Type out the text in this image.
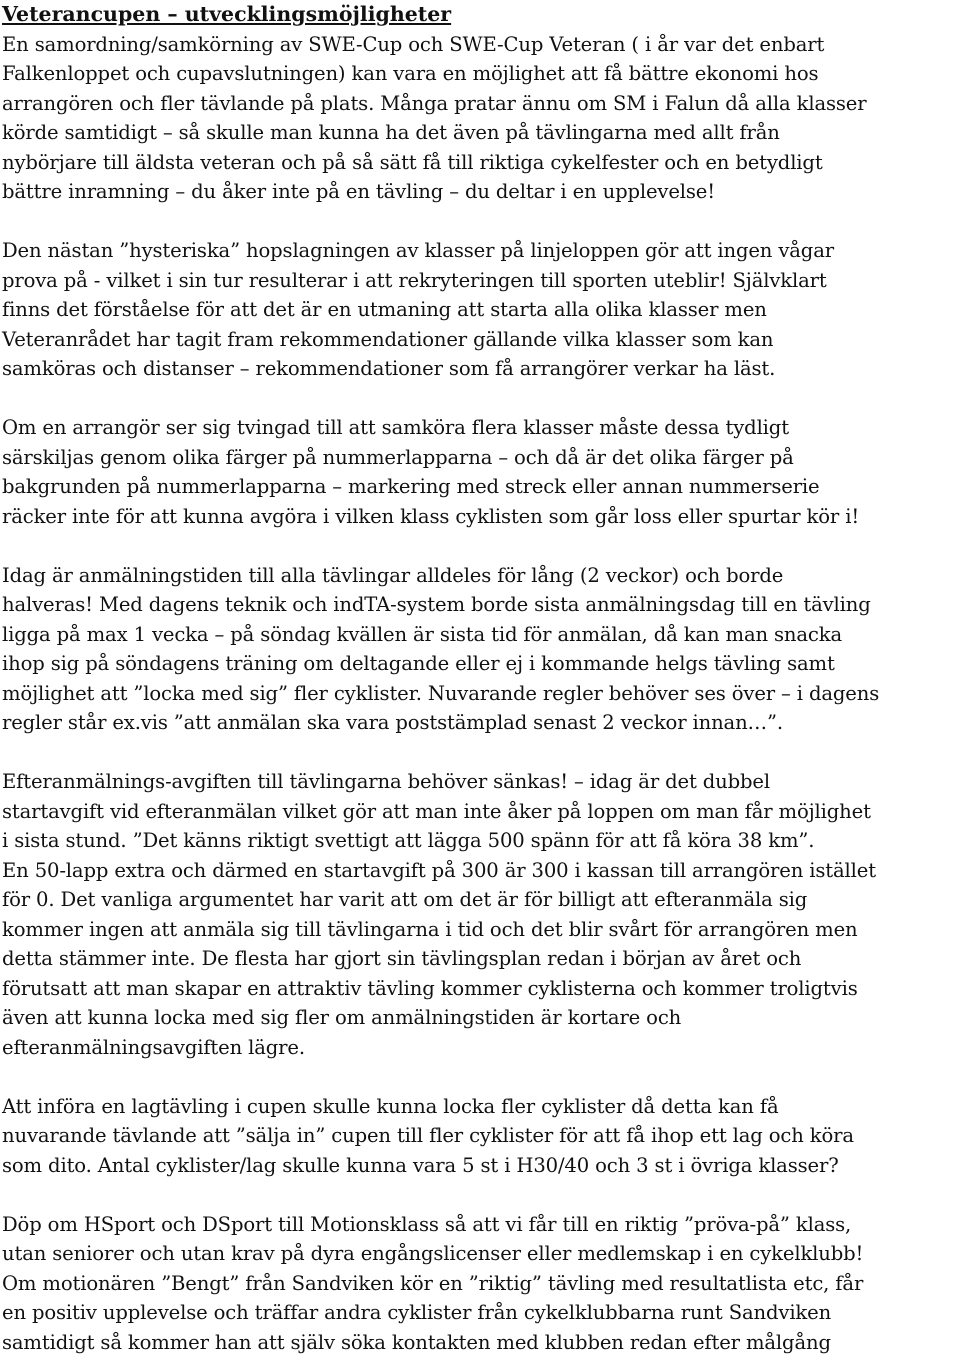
Veterancupen – utvecklingsmöjligheter
En samordning/samkörning av SWE-Cup och SWE-Cup Veteran ( i år var det enbart
Falkenloppet och cupavslutningen) kan vara en möjlighet att få bättre ekonomi hos
arrangören och fler tävlande på plats. Många pratar ännu om SM i Falun då alla klasser
körde samtidigt – så skulle man kunna ha det även på tävlingarna med allt från
nybörjare till äldsta veteran och på så sätt få till riktiga cykelfester och en betydligt
bättre inramning – du åker inte på en tävling – du deltar i en upplevelse!
Den nästan ”hysteriska” hopslagningen av klasser på linjeloppen gör att ingen vågar
prova på - vilket i sin tur resulterar i att rekryteringen till sporten uteblir! Självklart
finns det förståelse för att det är en utmaning att starta alla olika klasser men
Veteranrådet har tagit fram rekommendationer gällande vilka klasser som kan
samköras och distanser – rekommendationer som få arrangörer verkar ha läst.
Om en arrangör ser sig tvingad till att samköra flera klasser måste dessa tydligt
särskiljas genom olika färger på nummerlapparna – och då är det olika färger på
bakgrunden på nummerlapparna – markering med streck eller annan nummerserie
räcker inte för att kunna avgöra i vilken klass cyklisten som går loss eller spurtar kör i!
Idag är anmälningstiden till alla tävlingar alldeles för lång (2 veckor) och borde
halveras! Med dagens teknik och indTA-system borde sista anmälningsdag till en tävling
ligga på max 1 vecka – på söndag kvällen är sista tid för anmälan, då kan man snacka
ihop sig på söndagens träning om deltagande eller ej i kommande helgs tävling samt
möjlighet att ”locka med sig” fler cyklister. Nuvarande regler behöver ses över – i dagens
regler står ex.vis ”att anmälan ska vara poststämplad senast 2 veckor innan…”.
Efteranmälnings-avgiften till tävlingarna behöver sänkas! – idag är det dubbel
startavgift vid efteranmälan vilket gör att man inte åker på loppen om man får möjlighet
i sista stund. ”Det känns riktigt svettigt att lägga 500 spänn för att få köra 38 km”.
En 50-lapp extra och därmed en startavgift på 300 är 300 i kassan till arrangören istället
för 0. Det vanliga argumentet har varit att om det är för billigt att efteranmäla sig
kommer ingen att anmäla sig till tävlingarna i tid och det blir svårt för arrangören men
detta stämmer inte. De flesta har gjort sin tävlingsplan redan i början av året och
förutsatt att man skapar en attraktiv tävling kommer cyklisterna och kommer troligtvis
även att kunna locka med sig fler om anmälningstiden är kortare och
efteranmälningsavgiften lägre.
Att införa en lagtävling i cupen skulle kunna locka fler cyklister då detta kan få
nuvarande tävlande att ”sälja in” cupen till fler cyklister för att få ihop ett lag och köra
som dito. Antal cyklister/lag skulle kunna vara 5 st i H30/40 och 3 st i övriga klasser?
Döp om HSport och DSport till Motionsklass så att vi får till en riktig ”pröva-på” klass,
utan seniorer och utan krav på dyra engångslicenser eller medlemskap i en cykelklubb!
Om motionären ”Bengt” från Sandviken kör en ”riktig” tävling med resultatlista etc, får
en positiv upplevelse och träffar andra cyklister från cykelklubbarna runt Sandviken
samtidigt så kommer han att själv söka kontakten med klubben redan efter målgång
